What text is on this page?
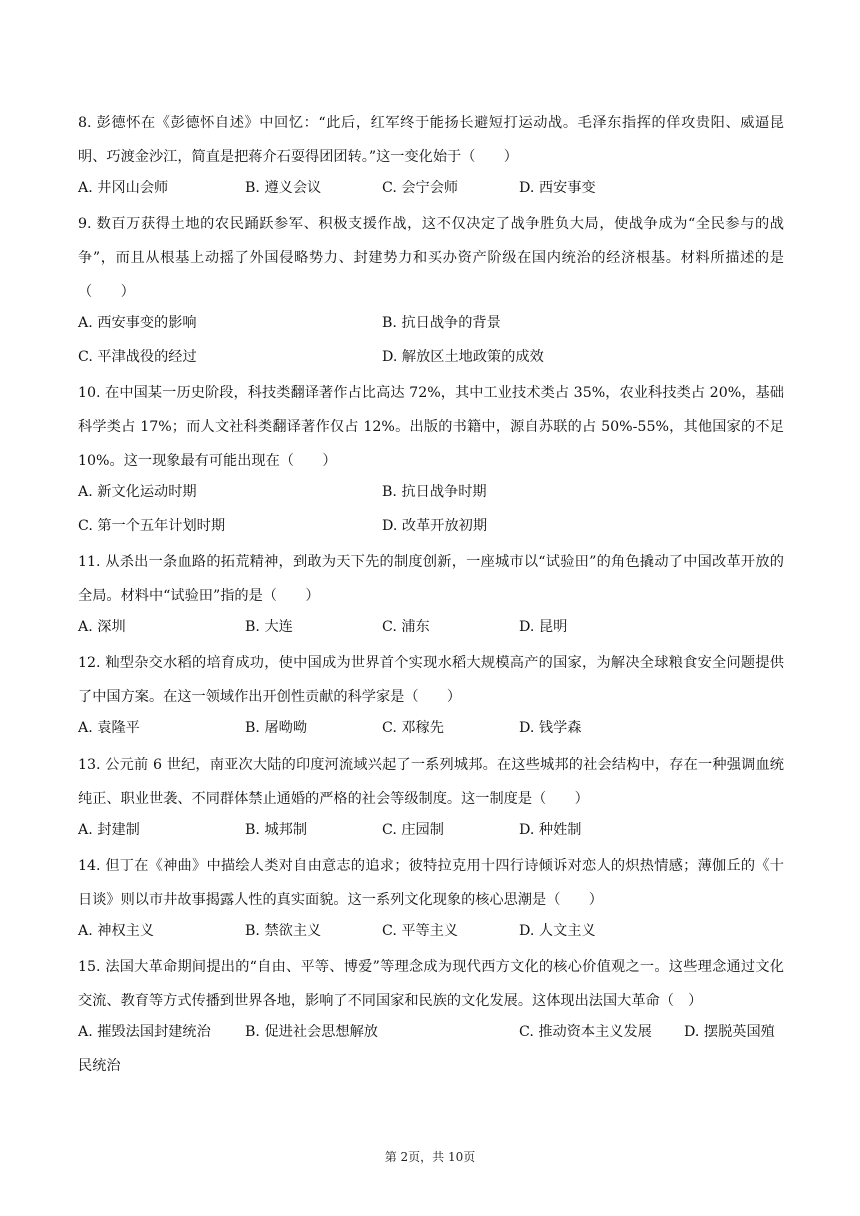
8. 彭德怀在《彭德怀自述》中回忆：“此后，红军终于能扬长避短打运动战。毛泽东指挥的佯攻贵阳、威逼昆明、巧渡金沙江，简直是把蒋介石耍得团团转。”这一变化始于（　　）

A. 井冈山会师	B. 遵义会议	C. 会宁会师	D. 西安事变

9. 数百万获得土地的农民踊跃参军、积极支援作战，这不仅决定了战争胜负大局，使战争成为“全民参与的战争”，而且从根基上动摇了外国侵略势力、封建势力和买办资产阶级在国内统治的经济根基。材料所描述的是（　　）

A. 西安事变的影响	B. 抗日战争的背景
C. 平津战役的经过	D. 解放区土地政策的成效

10. 在中国某一历史阶段，科技类翻译著作占比高达 72%，其中工业技术类占 35%，农业科技类占 20%，基础科学类占 17%；而人文社科类翻译著作仅占 12%。出版的书籍中，源自苏联的占 50%-55%，其他国家的不足 10%。这一现象最有可能出现在（　　）

A. 新文化运动时期	B. 抗日战争时期
C. 第一个五年计划时期	D. 改革开放初期

11. 从杀出一条血路的拓荒精神，到敢为天下先的制度创新，一座城市以“试验田”的角色撬动了中国改革开放的全局。材料中“试验田”指的是（　　）

A. 深圳	B. 大连	C. 浦东	D. 昆明

12. 籼型杂交水稻的培育成功，使中国成为世界首个实现水稻大规模高产的国家，为解决全球粮食安全问题提供了中国方案。在这一领域作出开创性贡献的科学家是（　　）

A. 袁隆平	B. 屠呦呦	C. 邓稼先	D. 钱学森

13. 公元前 6 世纪，南亚次大陆的印度河流域兴起了一系列城邦。在这些城邦的社会结构中，存在一种强调血统纯正、职业世袭、不同群体禁止通婚的严格的社会等级制度。这一制度是（　　）

A. 封建制	B. 城邦制	C. 庄园制	D. 种姓制

14. 但丁在《神曲》中描绘人类对自由意志的追求；彼特拉克用十四行诗倾诉对恋人的炽热情感；薄伽丘的《十日谈》则以市井故事揭露人性的真实面貌。这一系列文化现象的核心思潮是（　　）

A. 神权主义	B. 禁欲主义	C. 平等主义	D. 人文主义

15. 法国大革命期间提出的“自由、平等、博爱”等理念成为现代西方文化的核心价值观之一。这些理念通过文化交流、教育等方式传播到世界各地，影响了不同国家和民族的文化发展。这体现出法国大革命（　）

A. 摧毁法国封建统治 B. 促进社会思想解放	C. 推动资本主义发展 D. 摆脱英国殖
民统治
第 2页，共 10页
